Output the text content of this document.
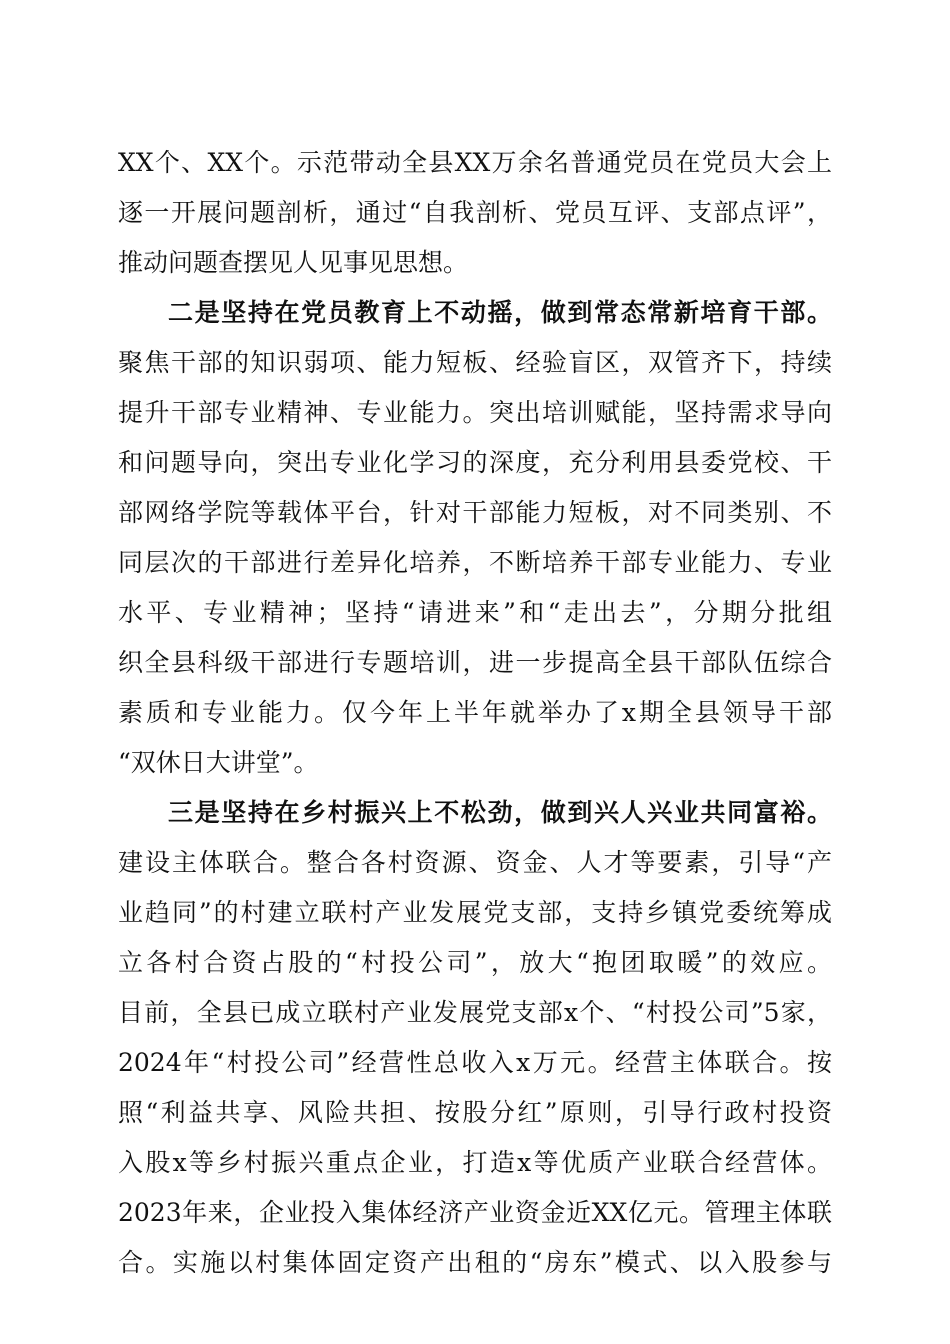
XX个、XX个。示范带动全县XX万余名普通党员在党员大会上
逐一开展问题剖析，通过“自我剖析、党员互评、支部点评”，
推动问题查摆见人见事见思想。
二是坚持在党员教育上不动摇，做到常态常新培育干部。
聚焦干部的知识弱项、能力短板、经验盲区，双管齐下，持续
提升干部专业精神、专业能力。突出培训赋能，坚持需求导向
和问题导向，突出专业化学习的深度，充分利用县委党校、干
部网络学院等载体平台，针对干部能力短板，对不同类别、不
同层次的干部进行差异化培养，不断培养干部专业能力、专业
水平、专业精神；坚持“请进来”和“走出去”，分期分批组
织全县科级干部进行专题培训，进一步提高全县干部队伍综合
素质和专业能力。仅今年上半年就举办了x期全县领导干部
“双休日大讲堂”。
三是坚持在乡村振兴上不松劲，做到兴人兴业共同富裕。
建设主体联合。整合各村资源、资金、人才等要素，引导“产
业趋同”的村建立联村产业发展党支部，支持乡镇党委统筹成
立各村合资占股的“村投公司”，放大“抱团取暖”的效应。
目前，全县已成立联村产业发展党支部x个、“村投公司”5家，
2024年“村投公司”经营性总收入x万元。经营主体联合。按
照“利益共享、风险共担、按股分红”原则，引导行政村投资
入股x等乡村振兴重点企业，打造x等优质产业联合经营体。
2023年来，企业投入集体经济产业资金近XX亿元。管理主体联
合。实施以村集体固定资产出租的“房东”模式、以入股参与
